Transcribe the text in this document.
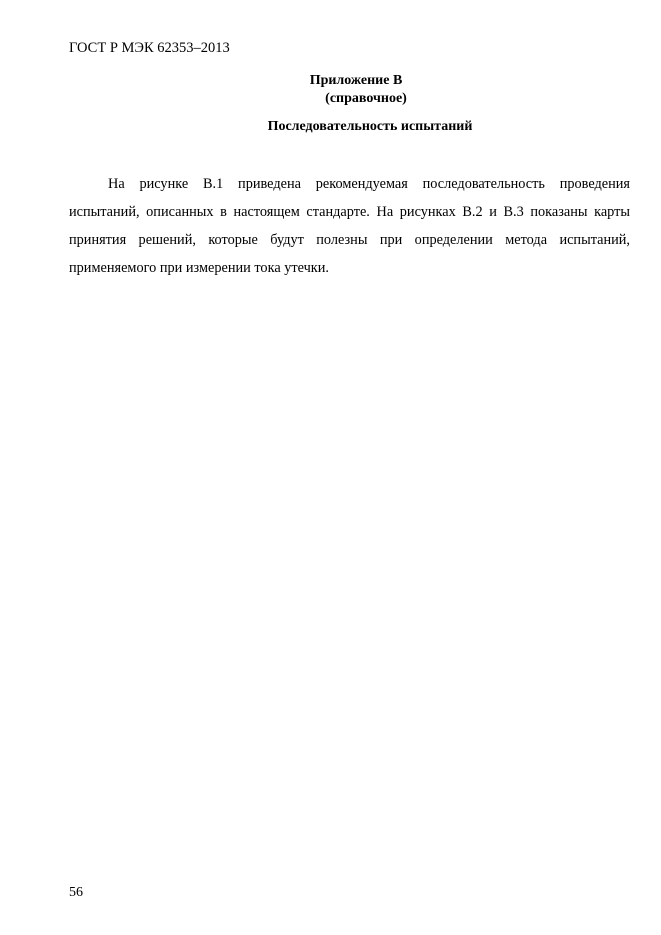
ГОСТ Р МЭК 62353–2013
Приложение В
(справочное)
Последовательность испытаний

На рисунке В.1 приведена рекомендуемая последовательность проведения испытаний, описанных в настоящем стандарте. На рисунках В.2 и В.3 показаны карты принятия решений, которые будут полезны при определении метода испытаний, применяемого при измерении тока утечки.

56
